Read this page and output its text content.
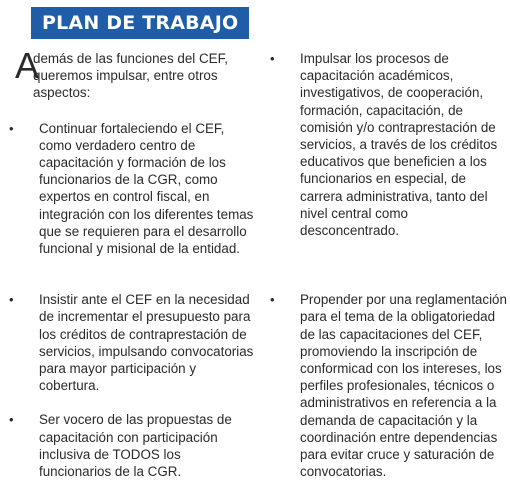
PLAN DE TRABAJO
A
demás de las funciones del CEF, queremos impulsar, entre otros aspectos:
• Continuar fortaleciendo el CEF, como verdadero centro de capacitación y formación de los funcionarios de la CGR, como expertos en control fiscal, en integración con los diferentes temas que se requieren para el desarrollo funcional y misional de la entidad.
• Insistir ante el CEF en la necesidad de incrementar el presupuesto para los créditos de contraprestación de servicios, impulsando convocatorias para mayor participación y cobertura.
• Ser vocero de las propuestas de capacitación con participación inclusiva de TODOS los funcionarios de la CGR.
• Impulsar los procesos de capacitación académicos, investigativos, de cooperación, formación, capacitación, de comisión y/o contraprestación de servicios, a través de los créditos educativos que beneficien a los funcionarios en especial, de carrera administrativa, tanto del nivel central como desconcentrado.
• Propender por una reglamentación para el tema de la obligatoriedad de las capacitaciones del CEF, promoviendo la inscripción de conformicad con los intereses, los perfiles profesionales, técnicos o administrativos en referencia a la demanda de capacitación y la coordinación entre dependencias para evitar cruce y saturación de convocatorias.
